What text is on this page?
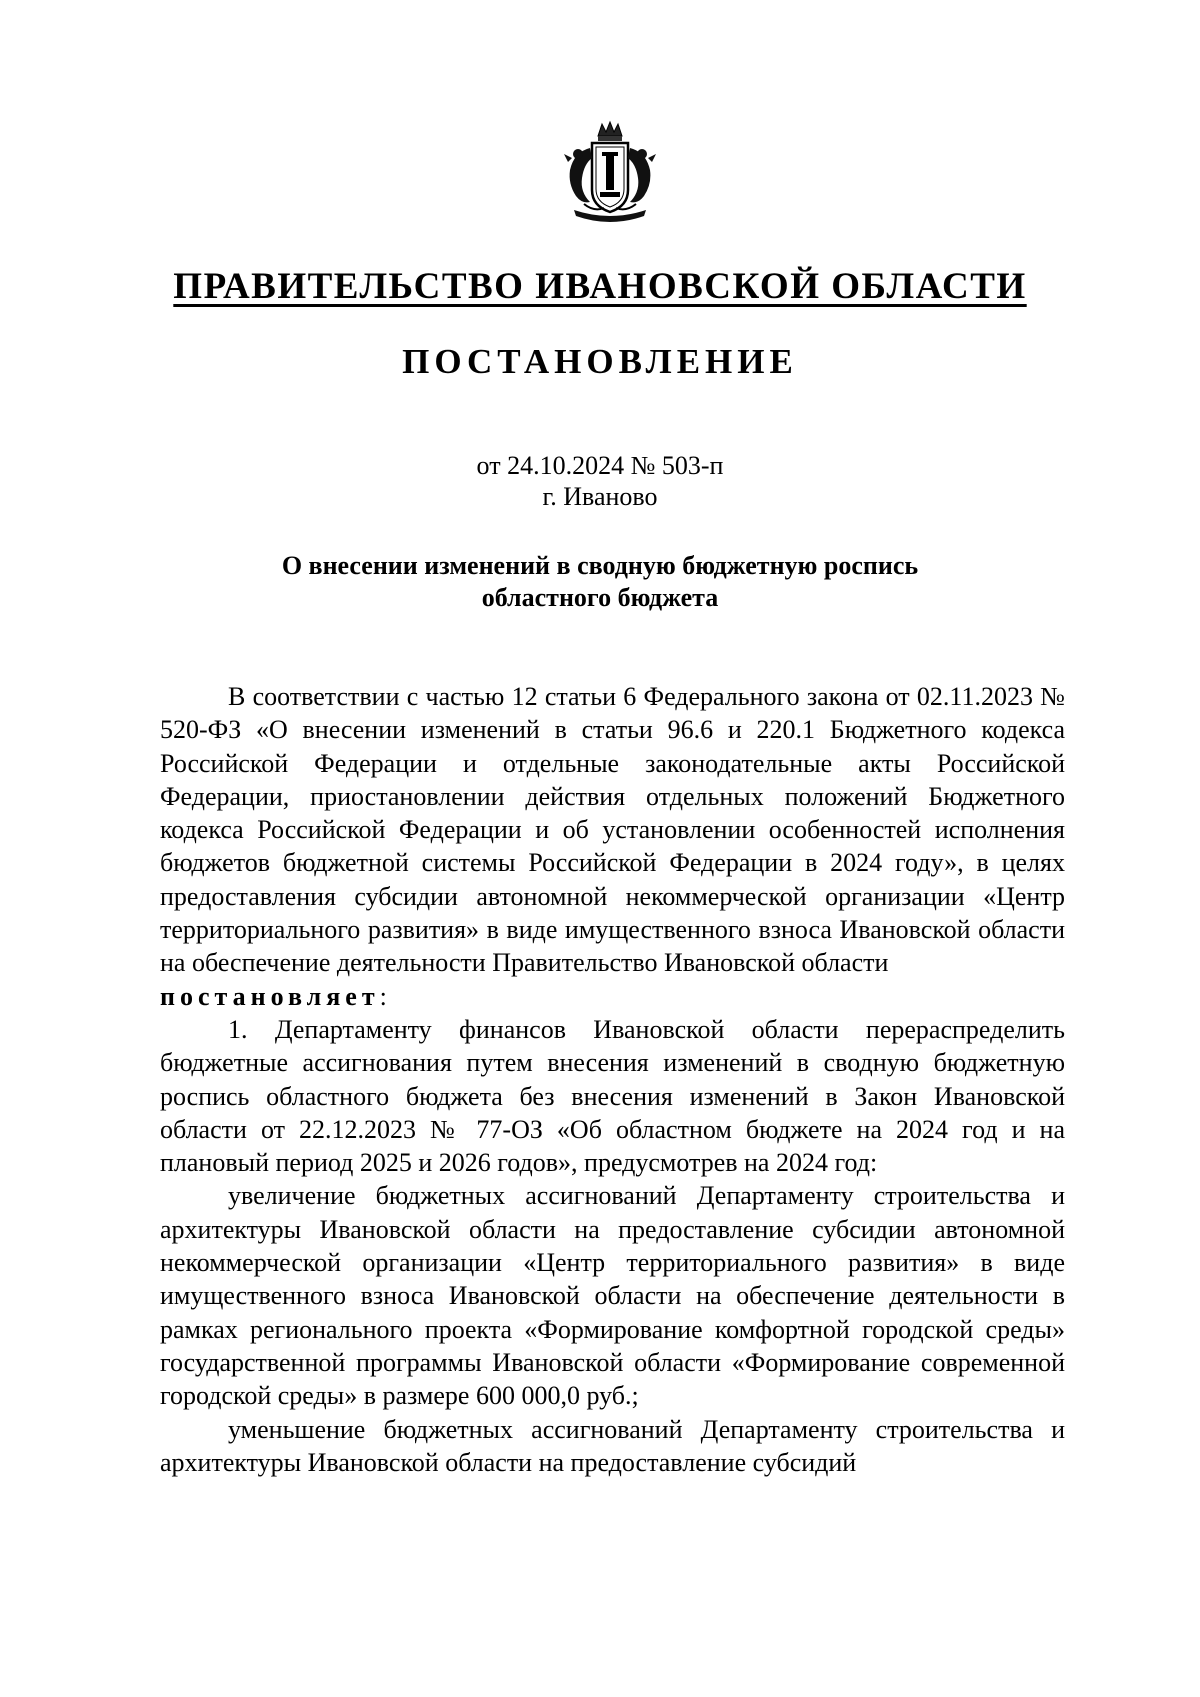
ПРАВИТЕЛЬСТВО ИВАНОВСКОЙ ОБЛАСТИ
ПОСТАНОВЛЕНИЕ
от 24.10.2024 № 503-п
г. Иваново
О внесении изменений в сводную бюджетную роспись
областного бюджета

В соответствии с частью 12 статьи 6 Федерального закона от 02.11.2023 № 520-ФЗ «О внесении изменений в статьи 96.6 и 220.1 Бюджетного кодекса Российской Федерации и отдельные законодательные акты Российской Федерации, приостановлении действия отдельных положений Бюджетного кодекса Российской Федерации и об установлении особенностей исполнения бюджетов бюджетной системы Российской Федерации в 2024 году», в целях предоставления субсидии автономной некоммерческой организации «Центр территориального развития» в виде имущественного взноса Ивановской области на обеспечение деятельности Правительство Ивановской области

постановляет:

1. Департаменту финансов Ивановской области перераспределить бюджетные ассигнования путем внесения изменений в сводную бюджетную роспись областного бюджета без внесения изменений в Закон Ивановской области от 22.12.2023 № 77-ОЗ «Об областном бюджете на 2024 год и на плановый период 2025 и 2026 годов», предусмотрев на 2024 год:

увеличение бюджетных ассигнований Департаменту строительства и архитектуры Ивановской области на предоставление субсидии автономной некоммерческой организации «Центр территориального развития» в виде имущественного взноса Ивановской области на обеспечение деятельности в рамках регионального проекта «Формирование комфортной городской среды» государственной программы Ивановской области «Формирование современной городской среды» в размере 600 000,0 руб.;

уменьшение бюджетных ассигнований Департаменту строительства и архитектуры Ивановской области на предоставление субсидий
